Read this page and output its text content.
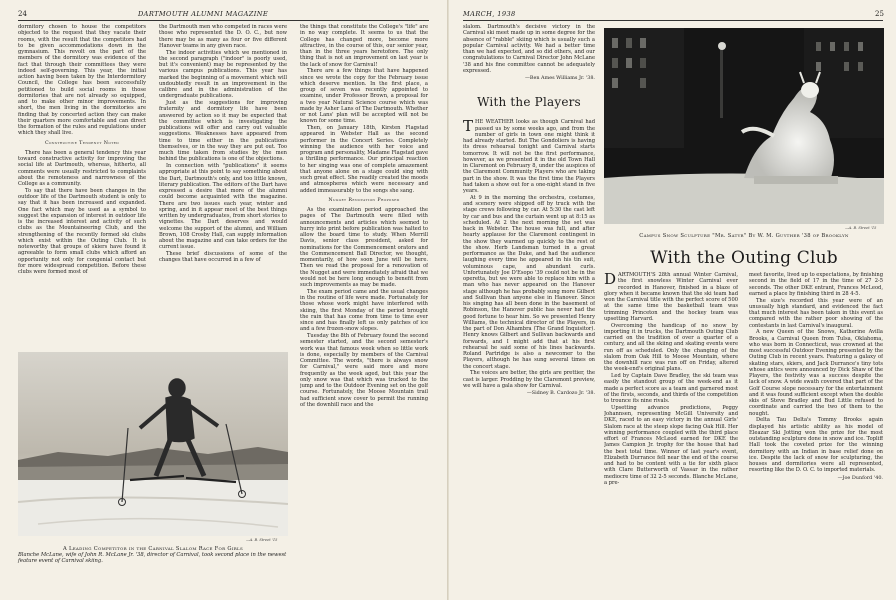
24	DARTMOUTH ALUMNI MAGAZINE

dormitory chosen to house the competitors objected to the request that they vacate their rooms, with the result that the competitors had to be given accommodations down in the gymnasium. This revolt on the part of the members of the dormitory was evidence of the fact that through their committees they were indeed self-governing. This year, the initial action having been taken by the Interdormitory Council, the College has been successfully petitioned to build social rooms in those dormitories that are not already so equipped, and to make other minor improvements. In short, the men living in the dormitories are finding that by concerted action they can make their quarters more comfortable and can direct the formation of the rules and regulations under which they shall live.

Constructive Tendency Noted

There has been a general tendency this year toward constructive activity for improving the social life at Dartmouth, whereas, hitherto, all comments were usually restricted to complaints about the remoteness and narrowness of the College as a community.

To say that there have been changes in the outdoor life of the Dartmouth student is only to say that it has been increased and expanded. One fact which may be used as a symbol to suggest the expansion of interest in outdoor life is the increased interest and activity of such clubs as the Mountaineering Club, and the strengthening of the recently formed ski clubs which exist within the Outing Club. It is noteworthy that groups of skiers have found it agreeable to form small clubs which afford an opportunity not only for congenial contact but for more widespread competition. Before these clubs were formed most of

the Dartmouth men who competed in races were those who represented the D. O. C., but now there may be as many as four or five different Hanover teams in any given race.

The indoor activities which we mentioned in the second paragraph ("indoor" is poorly used, but it's convenient) may be represented by the various campus publications. This year has marked the beginning of a movement which will undoubtedly result in an improvement in the calibre and in the administration of the undergraduate publications.

Just as the suggestions for improving fraternity and dormitory life have been answered by action so it may be expected that the committee which is investigating the publications will offer and carry out valuable suggestions. Weaknesses have appeared from time to time either in the publications themselves, or in the way they are put out. Too much time taken from studies by the men behind the publications is one of the objections.

In connection with "publications" it seems appropriate at this point to say something about the Dart, Dartmouth's only, and too little known, literary publication. The editors of the Dart have expressed a desire that more of the alumni could become acquainted with the magazine. There are two issues each year, winter and spring, and in it appear most of the best things written by undergraduates, from short stories to vignettes. The Dart deserves and would welcome the support of the alumni, and William Brown, 108 Crosby Hall, can supply information about the magazine and can take orders for the current issue.

These brief discussions of some of the changes that have occurred in a few of

the things that constitute the College's "life" are in no way complete. It seems to us that the College has changed more, become more attractive, in the course of this, our senior year, than in the three years heretofore. The only thing that is not an improvement on last year is the lack of snow for Carnival!

There are a few things that have happened since we wrote the copy for the February issue which deserve mention. In the first place, a group of seven was recently appointed to examine, under Professor Brown, a proposal for a two year Natural Science course which was made by Asher Lans of The Dartmouth. Whether or not Lans' plan will be accepted will not be known for some time.

Then, on January 18th, Kirsten Flagstad appeared in Webster Hall as the second performer in the Concert Series. Completely winning the audience with her voice and program and personality, Madame Flagstad gave a thrilling performance. Our principal reaction to her singing was one of complete amazement that anyone alone on a stage could sing with such great effect. She readily created the moods and atmospheres which were necessary and added immeasurably to the songs she sang.

Nugget Renovation Proposed

As the examination period approached the pages of The Dartmouth were filled with announcements and articles which seemed to hurry into print before publication was halted to allow the board time to study. When Merrill Davis, senior class president, asked for nominations for the Commencement orators and the Commencement Ball Director, we thought, momentarily, of how soon June will be here. Then we read the proposal for a renovation of the Nugget and were immediately afraid that we would not be here long enough to benefit from such improvements as may be made.

The exam period came and the usual changes in the routine of life were made. Fortunately for those whose work might have interfered with skiing, the first Monday of the period brought the rain that has come from time to time ever since and has finally left us only patches of ice and a few frozen-snow slopes.

Tuesday the 8th of February found the second semester started, and the second semester's work was that famous week when so little work is done, especially by members of the Carnival Committee. The words, "there is always snow for Carnival," were said more and more frequently as the week aged, but this year the only snow was that which was trucked to the jump and to the Outdoor Evening set on the golf course. Fortunately, the Moose Mountain trail had sufficient snow cover to permit the running of the downhill race and the

—A. B. Street '15
A Leading Competitor in the Carnival Slalom Race For Girls
Blanche McLane, wife of John R. McLane Jr. '38, director of Carnival, took second place in the newest feature event of Carnival skiing.
MARCH, 1938	25

slalom. Dartmouth's decisive victory in the Carnival ski meet made up in some degree for the absence of "rabble" skiing which is usually such a popular Carnival activity. We had a better time than we had expected, and so did others, and our congratulations to Carnival Director John McLane '38 and his fine committee cannot be adequately expressed.

—Ben Ames Williams Jr. '38.
With the Players

THE WEATHER looks as though Carnival had passed us by some weeks ago, and from the number of girls in town one might think it had already started. But The Gondoliers is having its dress rehearsal tonight and Carnival starts tomorrow. It will not be the first performance, however, as we presented it in the old Town Hall in Claremont on February 8, under the auspices of the Claremont Community Players who are taking part in the show. It was the first time the Players had taken a show out for a one-night stand in five years.

At 9 in the morning the orchestra, costumes, and scenery were shipped off by truck with the stage crews following by car. At 5:30 the cast left by car and bus and the curtain went up at 8:15 as scheduled. At 2 the next morning the set was back in Webster. The house was full, and after hearty applause for the Claremont contingent in the show they warmed up quickly to the rest of the show. Herb Landsman turned in a great performance as the Duke, and had the audience laughing every time he appeared in his tin suit, voluminous cape, and abundant curls. Unfortunately Joe D'Esopo '39 could not be in the operetta, but we were able to replace him with a man who has never appeared on the Hanover stage although he has probably sung more Gilbert and Sullivan than anyone else in Hanover. Since his singing has all been done in the basement of Robinson, the Hanover public has never had the good fortune to hear him. So we presented Henry Williams, the technical director of the Players, in the part of Don Alhambra (The Grand Inquisitor). Henry knows Gilbert and Sullivan backwards and forwards, and I might add that at his first rehearsal he said some of his lines backwards. Roland Partridge is also a newcomer to the Players, although he has sung several times on the concert stage.

The voices are better, the girls are prettier, the cast is larger. Prodding by the Claremont preview, we will have a gala show for Carnival.

—Sidney B. Cardozo Jr. '38.
—A. B. Street '15
Campus Snow Sculpture "Mr. Satyr" By W. M. Guyther '38 of Brooklyn
With the Outing Club

DARTMOUTH'S 28th annual Winter Carnival, the first snowless Winter Carnival ever recorded in Hanover, finished in a blaze of glory when it became known that the ski team had won the Carnival title with the perfect score of 500 at the same time the basketball team was trimming Princeton and the hockey team was upsetting Harvard.

Overcoming the handicap of no snow by importing it in trucks, the Dartmouth Outing Club carried on the tradition of over a quarter of a century, and all the skiing and skating events were run off as scheduled. Only the changing of the slalom from Oak Hill to Moose Mountain, where the downhill race was run off on Friday, altered the week-end's original plans.

Led by Captain Dave Bradley, the ski team was easily the standout group of the week-end as it made a perfect score as a team and garnered most of the firsts, seconds, and thirds of the competition to trounce its nine rivals.

Upsetting advance predictions, Peggy Johannsen, representing McGill University and DKE, raced to an easy victory in the annual Girls' Slalom race at the steep slope facing Oak Hill. Her winning performance coupled with the third place effort of Frances McLeod earned for DKE the James Campion Jr. trophy for the house that had the best total time. Winner of last year's event, Elizabeth Durrance fell near the end of the course and had to be content with a tie for sixth place with Clare Butterworth of Vassar in the rather mediocre time of 32 2-5 seconds. Blanche McLane, a pre-

meet favorite, lived up to expectations, by finishing second in the field of 17 in the time of 27 2-5 seconds. The other DKE entrant, Frances McLeod, earned a place by finishing third in 28 4-5.

The size's recorded this year were of an unusually high standard, and evidenced the fact that much interest has been taken in this event as compared with the rather poor showing of the contestants in last Carnival's inaugural.

A new Queen of the Snows, Katherine Avilla Brooks, a Carnival Queen from Tulsa, Oklahoma, who was born in Connecticut, was crowned at the most successful Outdoor Evening presented by the Outing Club in recent years. Featuring a galaxy of skating stars, skiers, and Jack Durrance's tiny tots whose antics were announced by Dick Shaw of the Players, the festivity was a success despite the lack of snow. A wide swath covered that part of the Golf Course slope necessary for the entertainment and it was found sufficient except when the double skis of Steve Bradley and Bud Little refused to coordinate and carried the two of them to the nought.

Delta Tau Delta's Tommy Brooks again displayed his artistic ability as his model of Eleazar Ski Jotting won the prize for the most outstanding sculpture done in snow and ice. Topliff Hall took the coveted prize for the winning dormitory with an Indian in base relief done on ice. Despite the lack of snow for sculpturing, the houses and dormitories were all represented, resorting like the D. O. C. to imported materials.

—Joe Dunford '40.
